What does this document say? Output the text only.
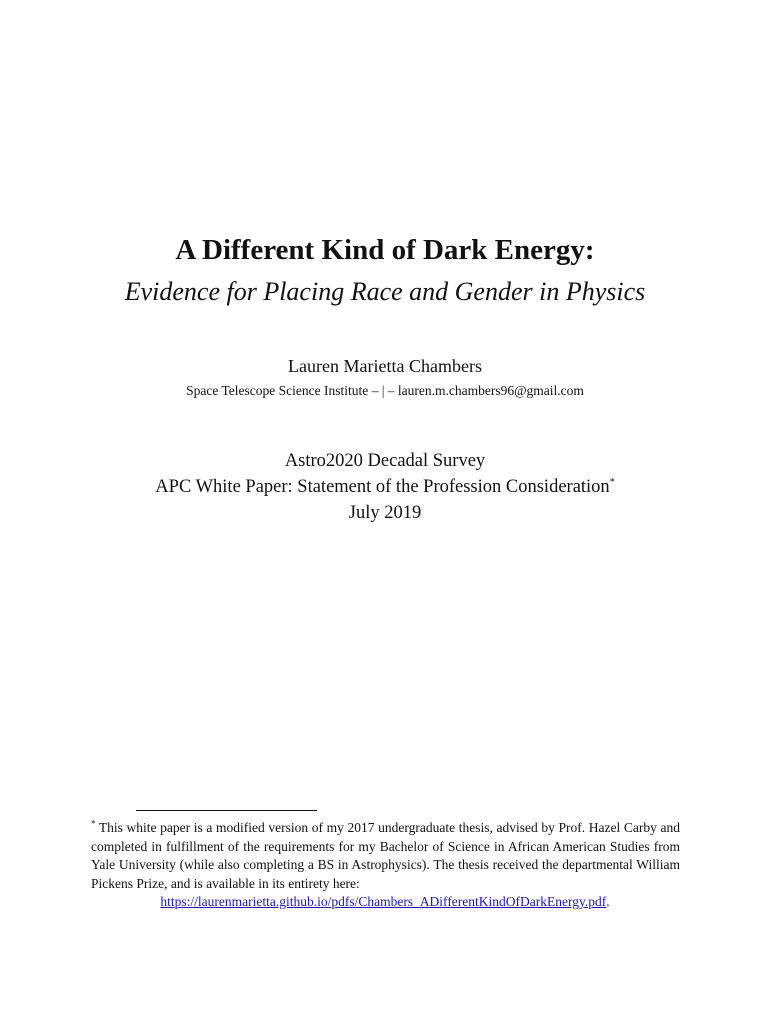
A Different Kind of Dark Energy:
Evidence for Placing Race and Gender in Physics
Lauren Marietta Chambers
Space Telescope Science Institute – | – lauren.m.chambers96@gmail.com
Astro2020 Decadal Survey
APC White Paper: Statement of the Profession Consideration*
July 2019
* This white paper is a modified version of my 2017 undergraduate thesis, advised by Prof. Hazel Carby and completed in fulfillment of the requirements for my Bachelor of Science in African American Studies from Yale University (while also completing a BS in Astrophysics). The thesis received the departmental William Pickens Prize, and is available in its entirety here:
https://laurenmarietta.github.io/pdfs/Chambers_ADifferentKindOfDarkEnergy.pdf.
